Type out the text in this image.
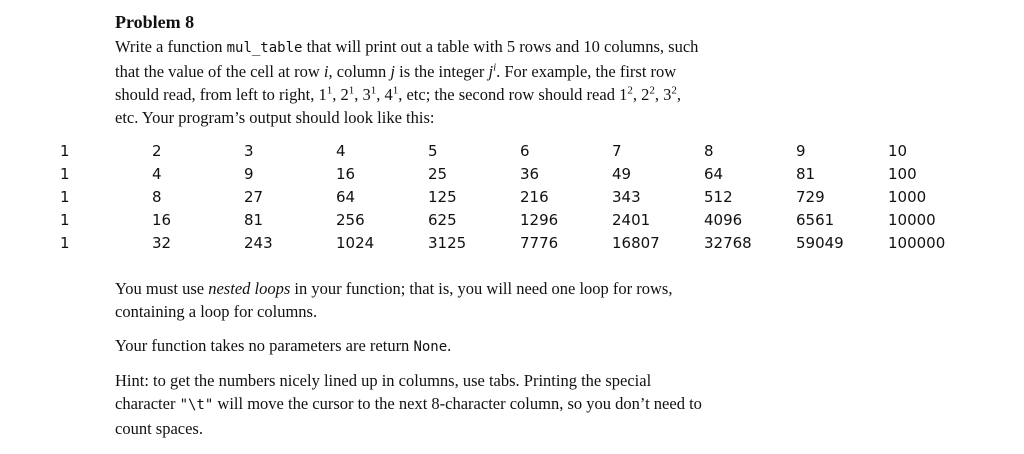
Problem 8
Write a function mul_table that will print out a table with 5 rows and 10 columns, such
that the value of the cell at row i, column j is the integer $j^i$. For example, the first row
should read, from left to right, $1^1$, $2^1$, $3^1$, $4^1$, etc; the second row should read $1^2$, $2^2$, $3^2$,
etc. Your program’s output should look like this:
1	2	3	4	5	6	7	8	9	10
1	4	9	16	25	36	49	64	81	100
1	8	27	64	125	216	343	512	729	1000
1	16	81	256	625	1296	2401	4096	6561	10000
1	32	243	1024	3125	7776	16807	32768	59049	100000
You must use nested loops in your function; that is, you will need one loop for rows,
containing a loop for columns.
Your function takes no parameters are return None.
Hint: to get the numbers nicely lined up in columns, use tabs. Printing the special
character "\t" will move the cursor to the next 8-character column, so you don’t need to
count spaces.
